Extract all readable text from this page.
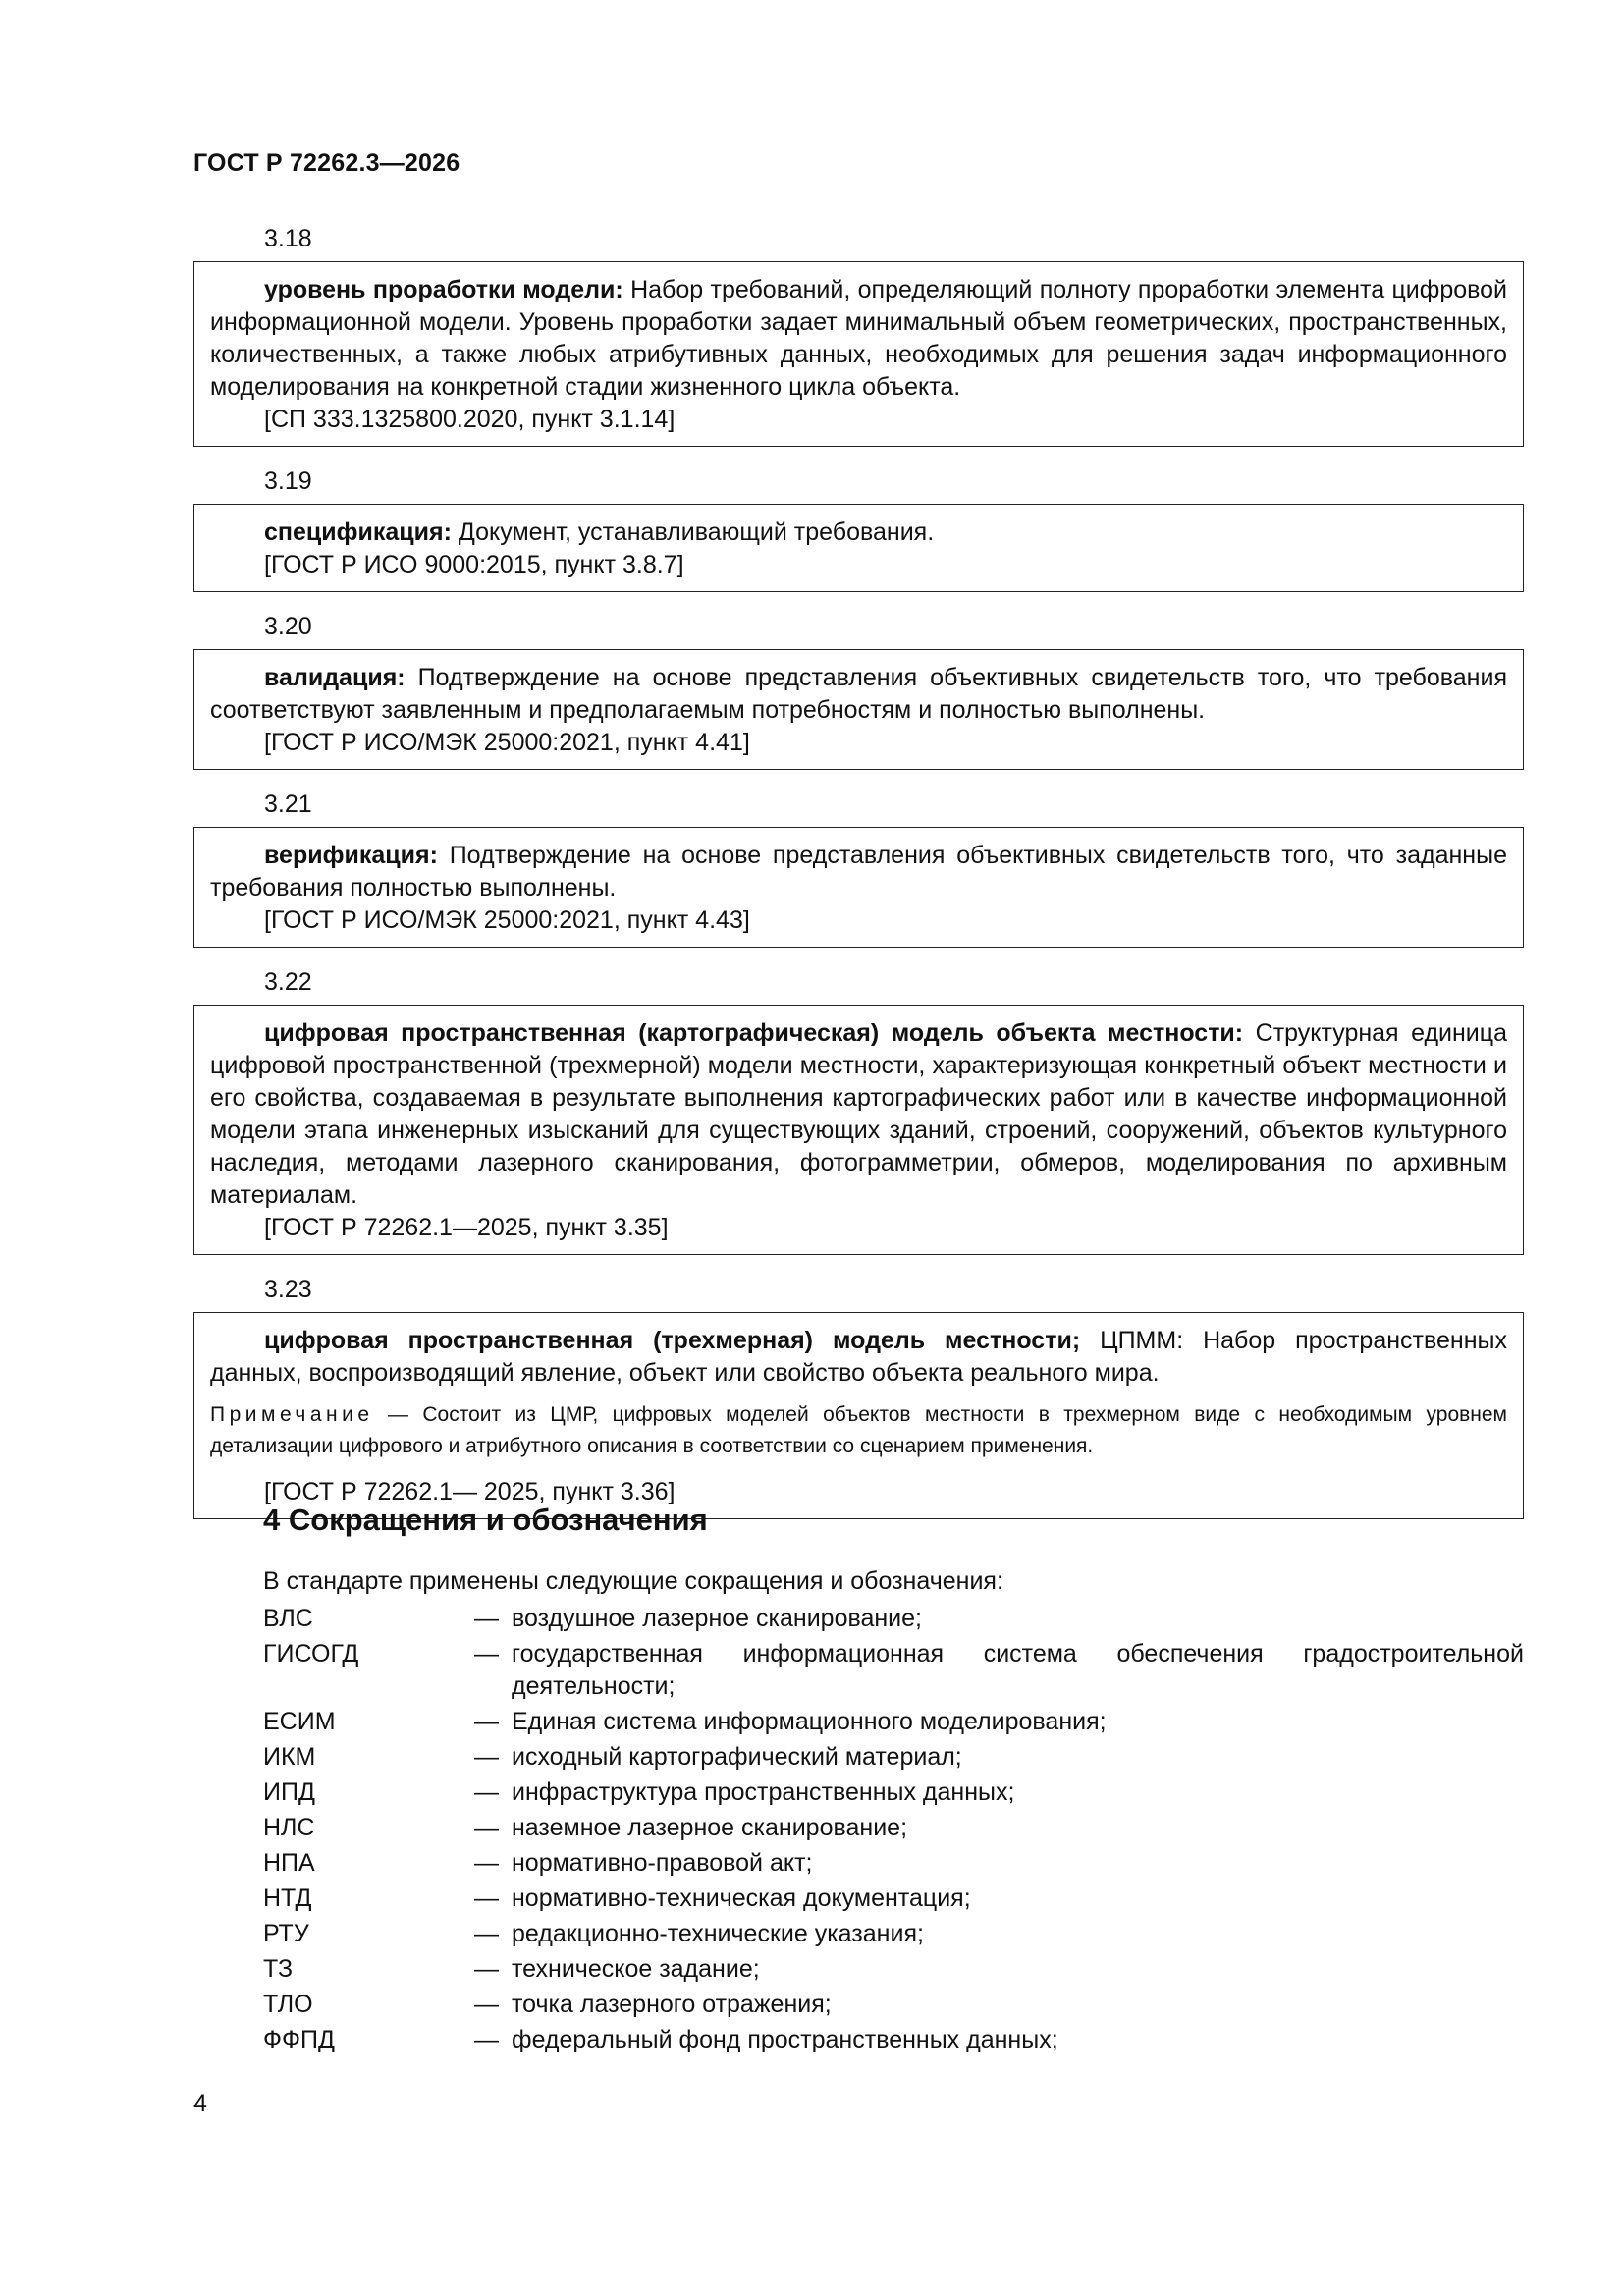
ГОСТ Р 72262.3—2026
3.18

уровень проработки модели: Набор требований, определяющий полноту проработки элемента цифровой информационной модели. Уровень проработки задает минимальный объем геометрических, пространственных, количественных, а также любых атрибутивных данных, необходимых для решения задач информационного моделирования на конкретной стадии жизненного цикла объекта.

[СП 333.1325800.2020, пункт 3.1.14]

3.19

спецификация: Документ, устанавливающий требования.

[ГОСТ Р ИСО 9000:2015, пункт 3.8.7]

3.20

валидация: Подтверждение на основе представления объективных свидетельств того, что требования соответствуют заявленным и предполагаемым потребностям и полностью выполнены.

[ГОСТ Р ИСО/МЭК 25000:2021, пункт 4.41]

3.21

верификация: Подтверждение на основе представления объективных свидетельств того, что заданные требования полностью выполнены.

[ГОСТ Р ИСО/МЭК 25000:2021, пункт 4.43]

3.22

цифровая пространственная (картографическая) модель объекта местности: Структурная единица цифровой пространственной (трехмерной) модели местности, характеризующая конкретный объект местности и его свойства, создаваемая в результате выполнения картографических работ или в качестве информационной модели этапа инженерных изысканий для существующих зданий, строений, сооружений, объектов культурного наследия, методами лазерного сканирования, фотограмметрии, обмеров, моделирования по архивным материалам.

[ГОСТ Р 72262.1—2025, пункт 3.35]

3.23

цифровая пространственная (трехмерная) модель местности; ЦПММ: Набор пространственных данных, воспроизводящий явление, объект или свойство объекта реального мира.

Примечание — Состоит из ЦМР, цифровых моделей объектов местности в трехмерном виде с необходимым уровнем детализации цифрового и атрибутного описания в соответствии со сценарием применения.

[ГОСТ Р 72262.1— 2025, пункт 3.36]

4 Сокращения и обозначения
В стандарте применены следующие сокращения и обозначения:
ВЛС	— воздушное лазерное сканирование;
ГИСОГД	— государственная информационная система обеспечения градостроительной деятельности;
ЕСИМ	— Единая система информационного моделирования;
ИКМ	— исходный картографический материал;
ИПД	— инфраструктура пространственных данных;
НЛС	— наземное лазерное сканирование;
НПА	— нормативно-правовой акт;
НТД	— нормативно-техническая документация;
РТУ	— редакционно-технические указания;
ТЗ	— техническое задание;
ТЛО	— точка лазерного отражения;
ФФПД	— федеральный фонд пространственных данных;
4
